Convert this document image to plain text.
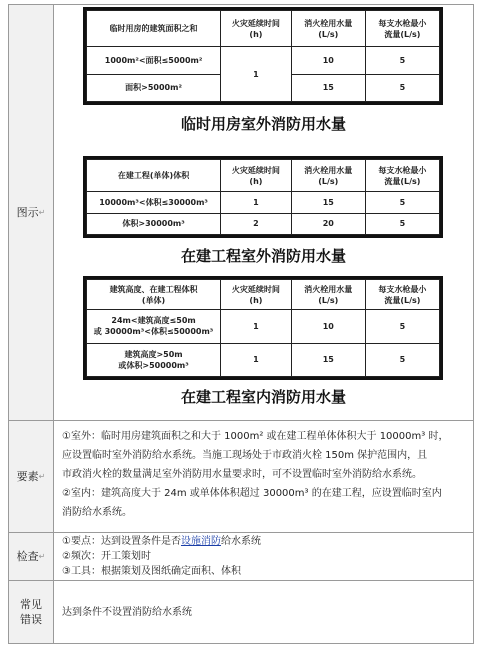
图示 ↵
临时用房的建筑面积之和	火灾延续时间
(h)	消火栓用水量
(L/s)	每支水枪最小
流量(L/s)
1000m²<面积≤5000m²	1	10	5
面积>5000m²		15	5
临时用房室外消防用水量
在建工程(单体)体积	火灾延续时间
(h)	消火栓用水量
(L/s)	每支水枪最小
流量(L/s)
10000m³<体积≤30000m³	1	15	5
体积>30000m³	2	20	5
在建工程室外消防用水量
建筑高度、在建工程体积
(单体)	火灾延续时间
(h)	消火栓用水量
(L/s)	每支水枪最小
流量(L/s)
24m<建筑高度≤50m
或 30000m³<体积≤50000m³	1	10	5
建筑高度>50m
或体积>50000m³	1	15	5
在建工程室内消防用水量
要素 ↵

①室外：临时用房建筑面积之和大于 1000m² 或在建工程单体体积大于 10000m³ 时，

应设置临时室外消防给水系统。当施工现场处于市政消火栓 150m 保护范围内，且

市政消火栓的数量满足室外消防用水量要求时，可不设置临时室外消防给水系统。

②室内：建筑高度大于 24m 或单体体积超过 30000m³ 的在建工程，应设置临时室内

消防给水系统。

检查 ↵

①要点：达到设置条件是否设施消防给水系统

②频次：开工策划时

③工具：根据策划及图纸确定面积、体积

常见
错误
达到条件不设置消防给水系统
